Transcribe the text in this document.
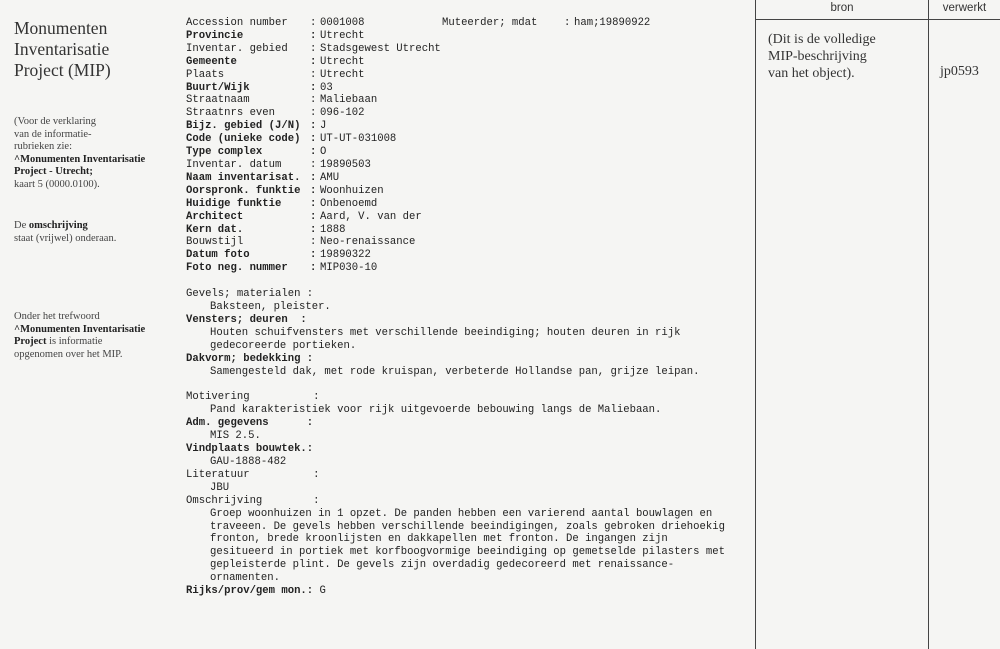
Monumenten
Inventarisatie
Project (MIP)
(Voor de verklaring
van de informatie-
rubrieken zie:
^Monumenten Inventarisatie
Project - Utrecht;
kaart 5 (0000.0100).
De omschrijving
staat (vrijwel) onderaan.
Onder het trefwoord
^Monumenten Inventarisatie
Project is informatie
opgenomen over het MIP.
Accession number	: 0001008	Muteerder; mdat	: ham;19890922
Provincie	: Utrecht
Inventar. gebied	: Stadsgewest Utrecht
Gemeente	: Utrecht
Plaats	: Utrecht
Buurt/Wijk	: 03
Straatnaam	: Maliebaan
Straatnrs even	: 096-102
Bijz. gebied (J/N) : J
Code (unieke code) : UT-UT-031008
Type complex	: O
Inventar. datum	: 19890503
Naam inventarisat. : AMU
Oorspronk. funktie : Woonhuizen
Huidige funktie	: Onbenoemd
Architect	: Aard, V. van der
Kern dat.	: 1888
Bouwstijl	: Neo-renaissance
Datum foto	: 19890322
Foto neg. nummer	: MIP030-10
Gevels; materialen :
Baksteen, pleister.
Vensters; deuren  :
Houten schuifvensters met verschillende beeindiging; houten deuren in rijk gedecoreerde portieken.
Dakvorm; bedekking :
Samengesteld dak, met rode kruispan, verbeterde Hollandse pan, grijze leipan.
Motivering          :
Pand karakteristiek voor rijk uitgevoerde bebouwing langs de Maliebaan.
Adm. gegevens      :
MIS 2.5.
Vindplaats bouwtek.:
GAU-1888-482
Literatuur          :
JBU
Omschrijving        :
Groep woonhuizen in 1 opzet. De panden hebben een varierend aantal bouwlagen en traveeen. De gevels hebben verschillende beeindigingen, zoals gebroken driehoekig fronton, brede kroonlijsten en dakkapellen met fronton. De ingangen zijn gesitueerd in portiek met korfboogvormige beeindiging op gemetselde pilasters met gepleisterde plint. De gevels zijn overdadig gedecoreerd met renaissance-ornamenten.
Rijks/prov/gem mon.:
G
bron	verwerkt
(Dit is de volledige
MIP-beschrijving
van het object).	jp0593
